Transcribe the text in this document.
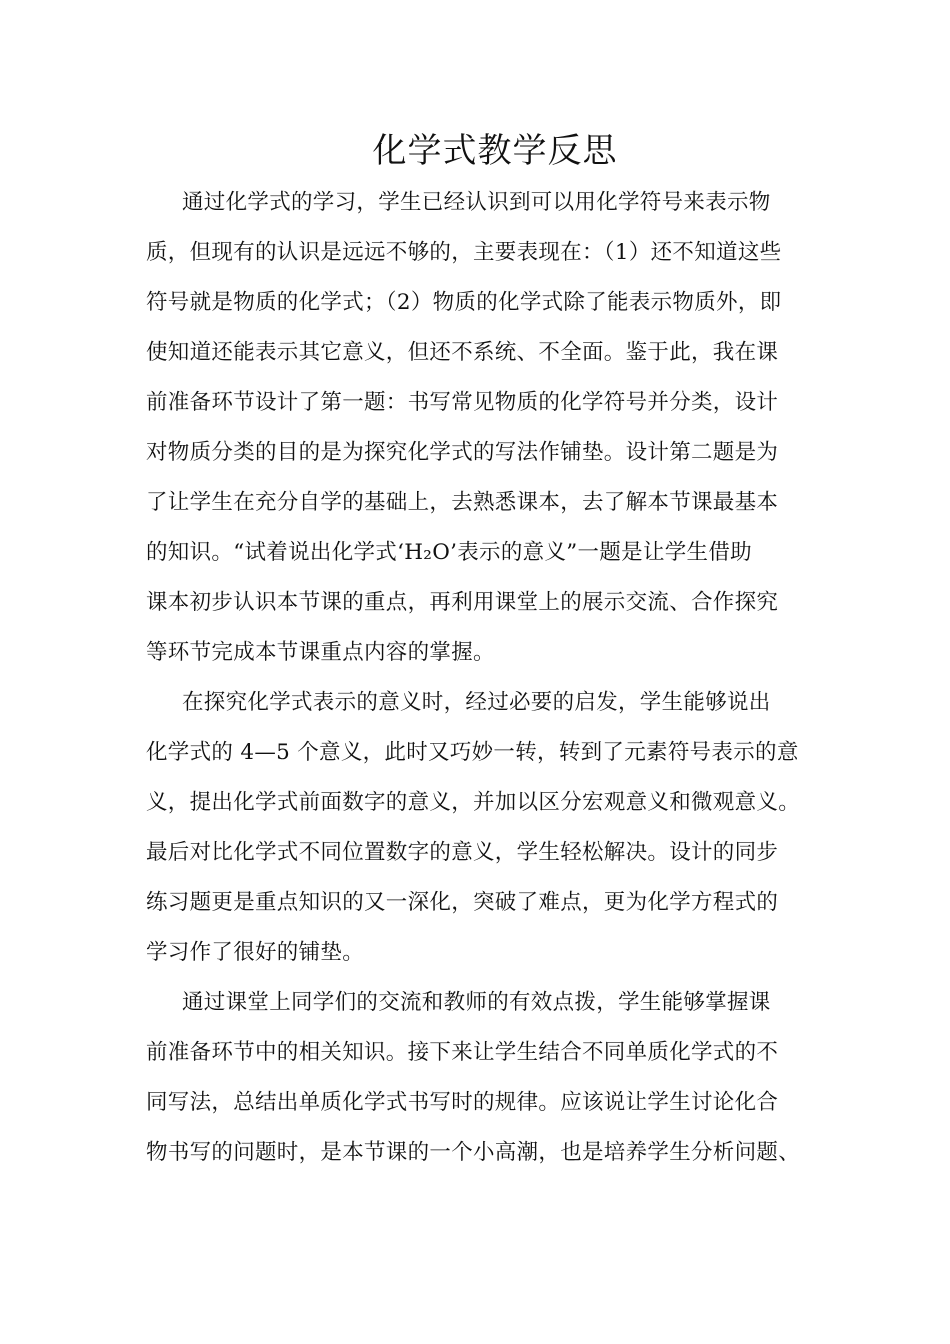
化学式教学反思
通过化学式的学习，学生已经认识到可以用化学符号来表示物
质，但现有的认识是远远不够的，主要表现在：（1）还不知道这些
符号就是物质的化学式；（2）物质的化学式除了能表示物质外，即
使知道还能表示其它意义，但还不系统、不全面。鉴于此，我在课
前准备环节设计了第一题：书写常见物质的化学符号并分类，设计
对物质分类的目的是为探究化学式的写法作铺垫。设计第二题是为
了让学生在充分自学的基础上，去熟悉课本，去了解本节课最基本
的知识。“试着说出化学式‘H₂O’表示的意义”一题是让学生借助
课本初步认识本节课的重点，再利用课堂上的展示交流、合作探究
等环节完成本节课重点内容的掌握。
在探究化学式表示的意义时，经过必要的启发，学生能够说出
化学式的 4—5 个意义，此时又巧妙一转，转到了元素符号表示的意
义，提出化学式前面数字的意义，并加以区分宏观意义和微观意义。
最后对比化学式不同位置数字的意义，学生轻松解决。设计的同步
练习题更是重点知识的又一深化，突破了难点，更为化学方程式的
学习作了很好的铺垫。
通过课堂上同学们的交流和教师的有效点拨，学生能够掌握课
前准备环节中的相关知识。接下来让学生结合不同单质化学式的不
同写法，总结出单质化学式书写时的规律。应该说让学生讨论化合
物书写的问题时，是本节课的一个小高潮，也是培养学生分析问题、
